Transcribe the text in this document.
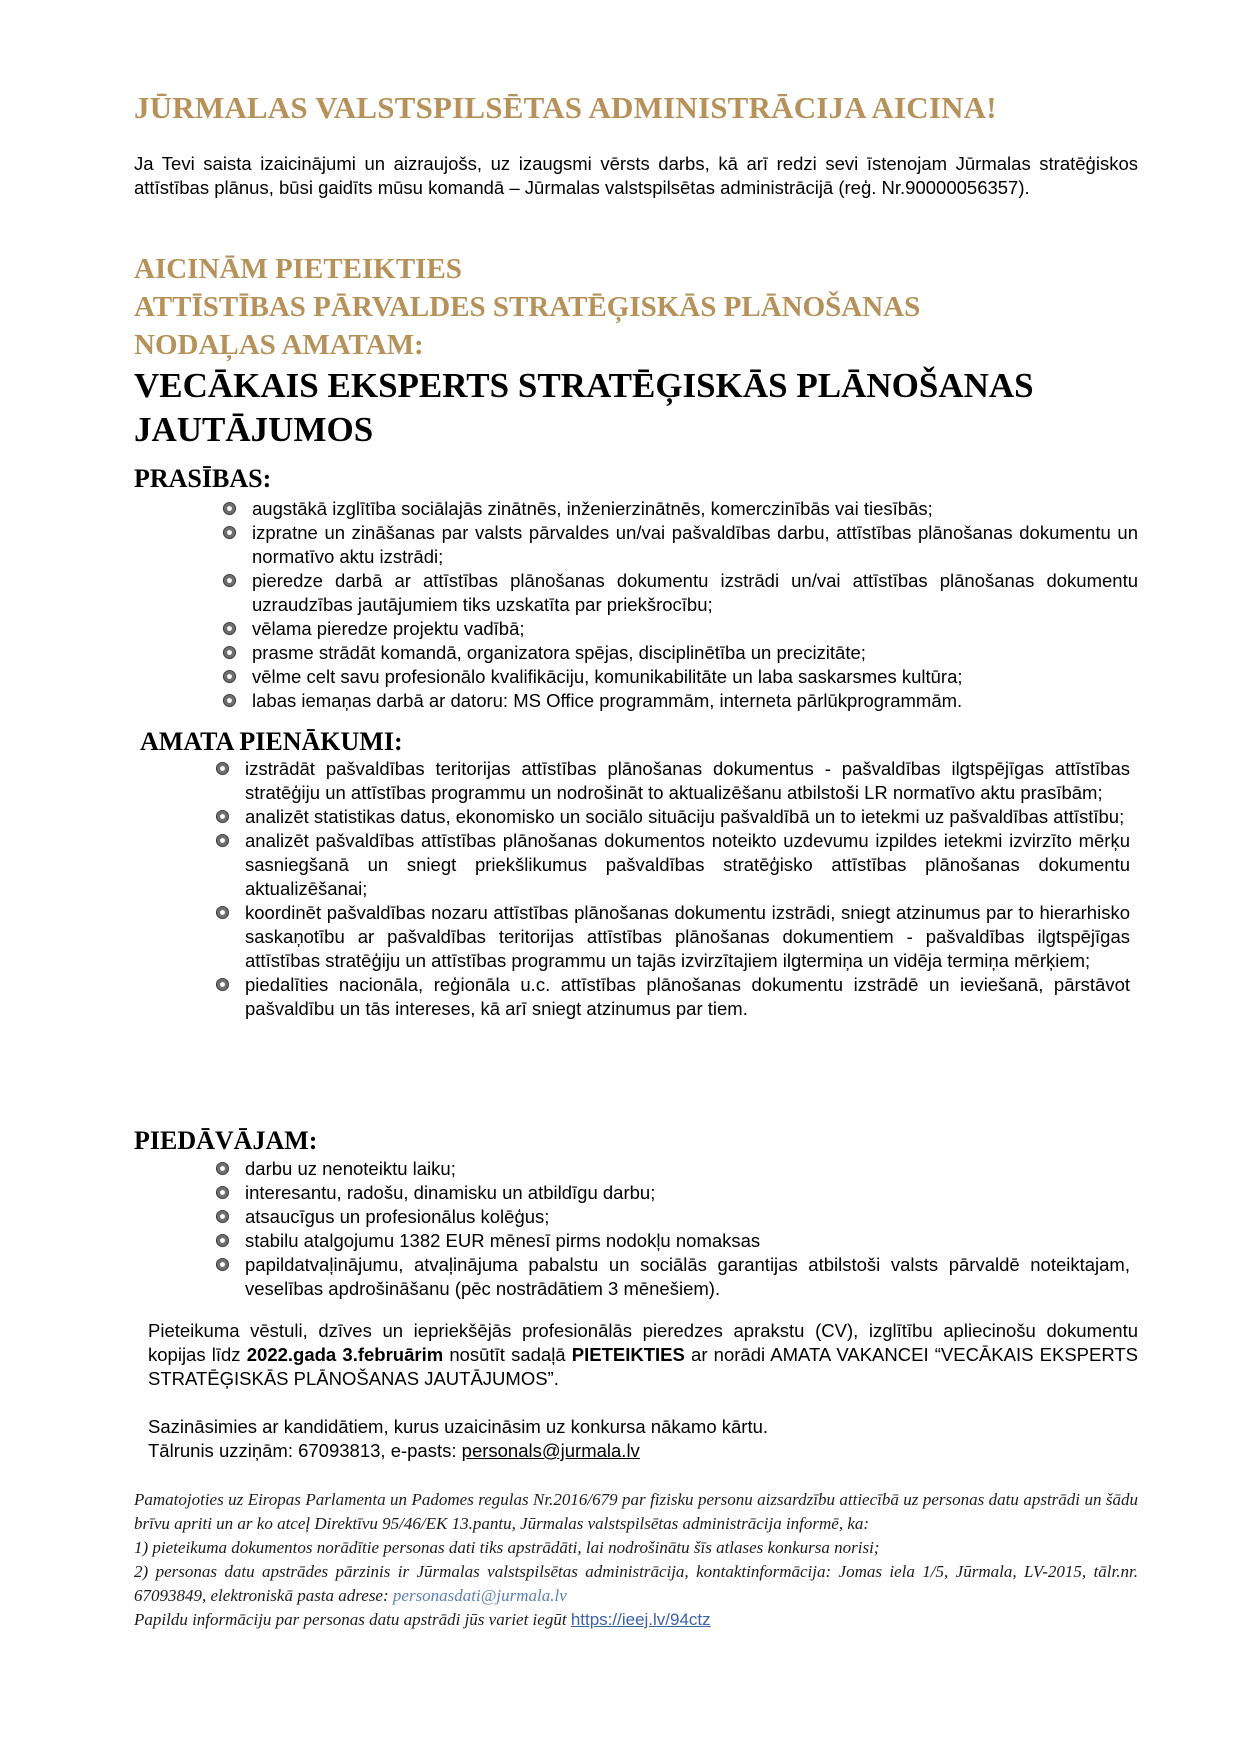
JŪRMALAS VALSTSPILSĒTAS ADMINISTRĀCIJA AICINA!

Ja Tevi saista izaicinājumi un aizraujošs, uz izaugsmi vērsts darbs, kā arī redzi sevi īstenojam Jūrmalas stratēģiskos attīstības plānus, būsi gaidīts mūsu komandā – Jūrmalas valstspilsētas administrācijā (reģ. Nr.90000056357).

AICINĀM PIETEIKTIES
ATTĪSTĪBAS PĀRVALDES STRATĒĢISKĀS PLĀNOŠANAS
NODAĻAS AMATAM:
VECĀKAIS EKSPERTS STRATĒĢISKĀS PLĀNOŠANAS
JAUTĀJUMOS
PRASĪBAS:
augstākā izglītība sociālajās zinātnēs, inženierzinātnēs, komerczinībās vai tiesībās;
izpratne un zināšanas par valsts pārvaldes un/vai pašvaldības darbu, attīstības plānošanas dokumentu un normatīvo aktu izstrādi;
pieredze darbā ar attīstības plānošanas dokumentu izstrādi un/vai attīstības plānošanas dokumentu uzraudzības jautājumiem tiks uzskatīta par priekšrocību;
vēlama pieredze projektu vadībā;
prasme strādāt komandā, organizatora spējas, disciplinētība un precizitāte;
vēlme celt savu profesionālo kvalifikāciju, komunikabilitāte un laba saskarsmes kultūra;
labas iemaņas darbā ar datoru: MS Office programmām, interneta pārlūkprogrammām.
AMATA PIENĀKUMI:
izstrādāt pašvaldības teritorijas attīstības plānošanas dokumentus - pašvaldības ilgtspējīgas attīstības stratēģiju un attīstības programmu un nodrošināt to aktualizēšanu atbilstoši LR normatīvo aktu prasībām;
analizēt statistikas datus, ekonomisko un sociālo situāciju pašvaldībā un to ietekmi uz pašvaldības attīstību;
analizēt pašvaldības attīstības plānošanas dokumentos noteikto uzdevumu izpildes ietekmi izvirzīto mērķu sasniegšanā un sniegt priekšlikumus pašvaldības stratēģisko attīstības plānošanas dokumentu aktualizēšanai;
koordinēt pašvaldības nozaru attīstības plānošanas dokumentu izstrādi, sniegt atzinumus par to hierarhisko saskaņotību ar pašvaldības teritorijas attīstības plānošanas dokumentiem - pašvaldības ilgtspējīgas attīstības stratēģiju un attīstības programmu un tajās izvirzītajiem ilgtermiņa un vidēja termiņa mērķiem;
piedalīties nacionāla, reģionāla u.c. attīstības plānošanas dokumentu izstrādē un ieviešanā, pārstāvot pašvaldību un tās intereses, kā arī sniegt atzinumus par tiem.
PIEDĀVĀJAM:
darbu uz nenoteiktu laiku;
interesantu, radošu, dinamisku un atbildīgu darbu;
atsaucīgus un profesionālus kolēģus;
stabilu atalgojumu 1382 EUR mēnesī pirms nodokļu nomaksas
papildatvaļinājumu, atvaļinājuma pabalstu un sociālās garantijas atbilstoši valsts pārvaldē noteiktajam, veselības apdrošināšanu (pēc nostrādātiem 3 mēnešiem).

Pieteikuma vēstuli, dzīves un iepriekšējās profesionālās pieredzes aprakstu (CV), izglītību apliecinošu dokumentu kopijas līdz 2022.gada 3.februārim nosūtīt sadaļā PIETEIKTIES ar norādi AMATA VAKANCEI “VECĀKAIS EKSPERTS STRATĒĢISKĀS PLĀNOŠANAS JAUTĀJUMOS”.

Sazināsimies ar kandidātiem, kurus uzaicināsim uz konkursa nākamo kārtu.

Tālrunis uzziņām: 67093813, e-pasts: personals@jurmala.lv

Pamatojoties uz Eiropas Parlamenta un Padomes regulas Nr.2016/679 par fizisku personu aizsardzību attiecībā uz personas datu apstrādi un šādu brīvu apriti un ar ko atceļ Direktīvu 95/46/EK 13.pantu, Jūrmalas valstspilsētas administrācija informē, ka:

1) pieteikuma dokumentos norādītie personas dati tiks apstrādāti, lai nodrošinātu šīs atlases konkursa norisi;

2) personas datu apstrādes pārzinis ir Jūrmalas valstspilsētas administrācija, kontaktinformācija: Jomas iela 1/5, Jūrmala, LV-2015, tālr.nr. 67093849, elektroniskā pasta adrese: personasdati@jurmala.lv

Papildu informāciju par personas datu apstrādi jūs variet iegūt https://ieej.lv/94ctz
